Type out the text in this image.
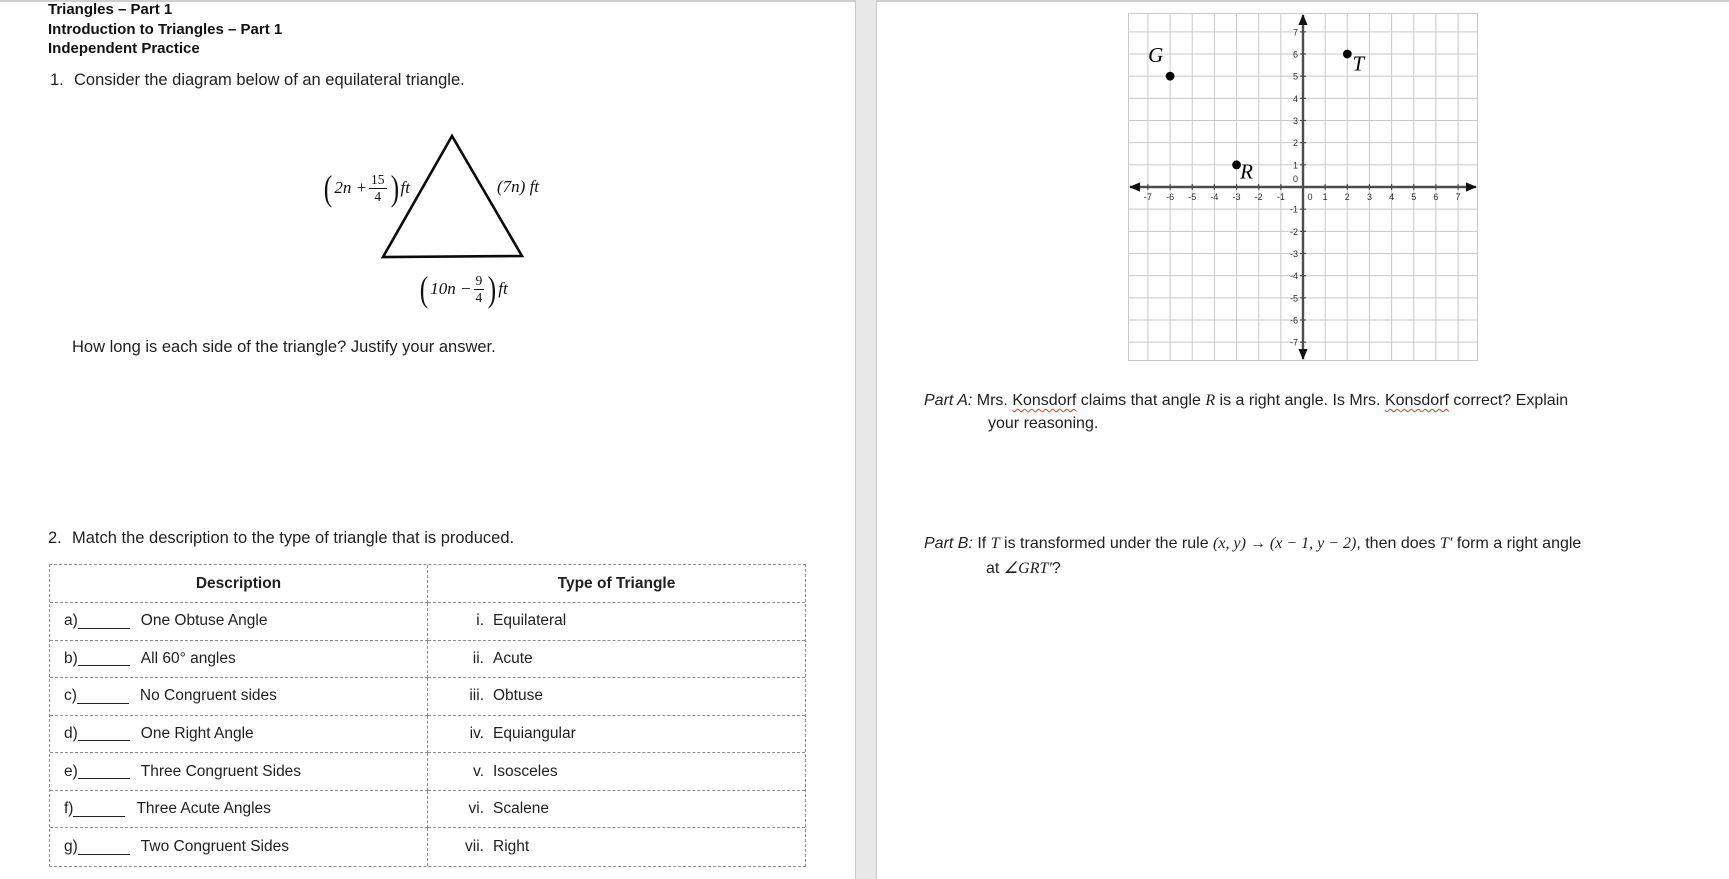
Triangles – Part 1
Introduction to Triangles – Part 1
Independent Practice
1. Consider the diagram below of an equilateral triangle.
( $2n + \frac{15}{4}$ ) ft	(7n) ft
( $10n - \frac{9}{4}$ ) ft
How long is each side of the triangle? Justify your answer.
2. Match the description to the type of triangle that is produced.
Description	Type of Triangle
a)	One Obtuse Angle	i. Equilateral
b)	All 60° angles	ii. Acute
c)	No Congruent sides	iii. Obtuse
d)	One Right Angle	iv. Equiangular
e)	Three Congruent Sides	v. Isosceles
f)	Three Acute Angles	vi. Scalene
g)	Two Congruent Sides	vii. Right
-7 -6 -5 -4 -3 -2 -1	0 1 2 3 4 5 6 7
-7
-6
-5
-4
-3
-2
-1
0
1
2
3
4
5
6
7
G	T
R
Part A: Mrs. Konsdorf claims that angle R is a right angle. Is Mrs. Konsdorf correct? Explain
your reasoning.
Part B: If T is transformed under the rule (x, y) → (x − 1, y − 2), then does T′ form a right angle
at ∠GRT′?
